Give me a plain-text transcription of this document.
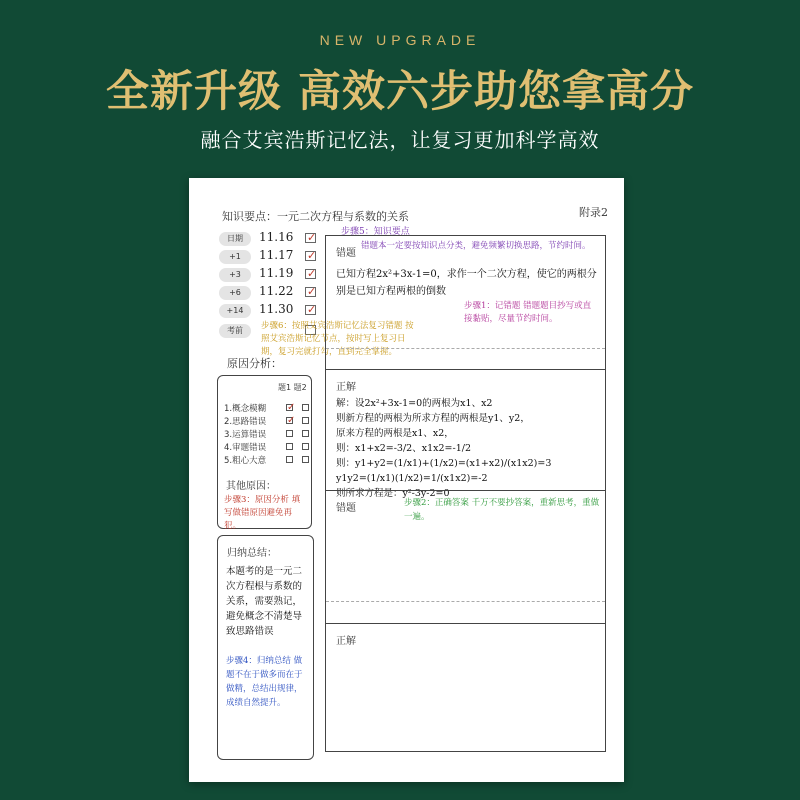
NEW UPGRADE
全新升级 高效六步助您拿高分
融合艾宾浩斯记忆法，让复习更加科学高效
知识要点：一元二次方程与系数的关系	附录2
步骤5：知识要点
日期	11.16 ✓
+1	11.17 ✓
+3	11.19 ✓
+6	11.22 ✓
+14	11.30 ✓
考前	步骤6：按照艾宾浩斯记忆法复习错题 按照艾宾浩斯记忆节点，按时写上复习日期，复习完就打勾，直到完全掌握。
原因分析：
题1 题2
1.概念模糊 ✓
2.思路错误 ✓
3.运算错误
4.审题错误
5.粗心大意
其他原因：
步骤3：原因分析 填写做错原因避免再犯。
归纳总结：
本题考的是一元二次方程根与系数的关系，需要熟记，避免概念不清楚导致思路错误
步骤4：归纳总结 做题不在于做多而在于做精，总结出规律，成绩自然提升。
错题
错题本一定要按知识点分类，避免频繁切换思路，节约时间。
已知方程2x²+3x-1=0，求作一个二次方程，使它的两根分别是已知方程两根的倒数
步骤1：记错题 错题题目抄写或直接黏贴，尽量节约时间。
正解
解：设2x²+3x-1=0的两根为x1、x2
则新方程的两根为所求方程的两根是y1、y2，
原来方程的两根是x1、x2，
则：x1+x2=-3/2、x1x2=-1/2
则：y1+y2=(1/x1)+(1/x2)=(x1+x2)/(x1x2)=3
y1y2=(1/x1)(1/x2)=1/(x1x2)=-2
则所求方程是：y²-3y-2=0
错题	步骤2：正确答案 千万不要抄答案，重新思考，重做一遍。
正解
